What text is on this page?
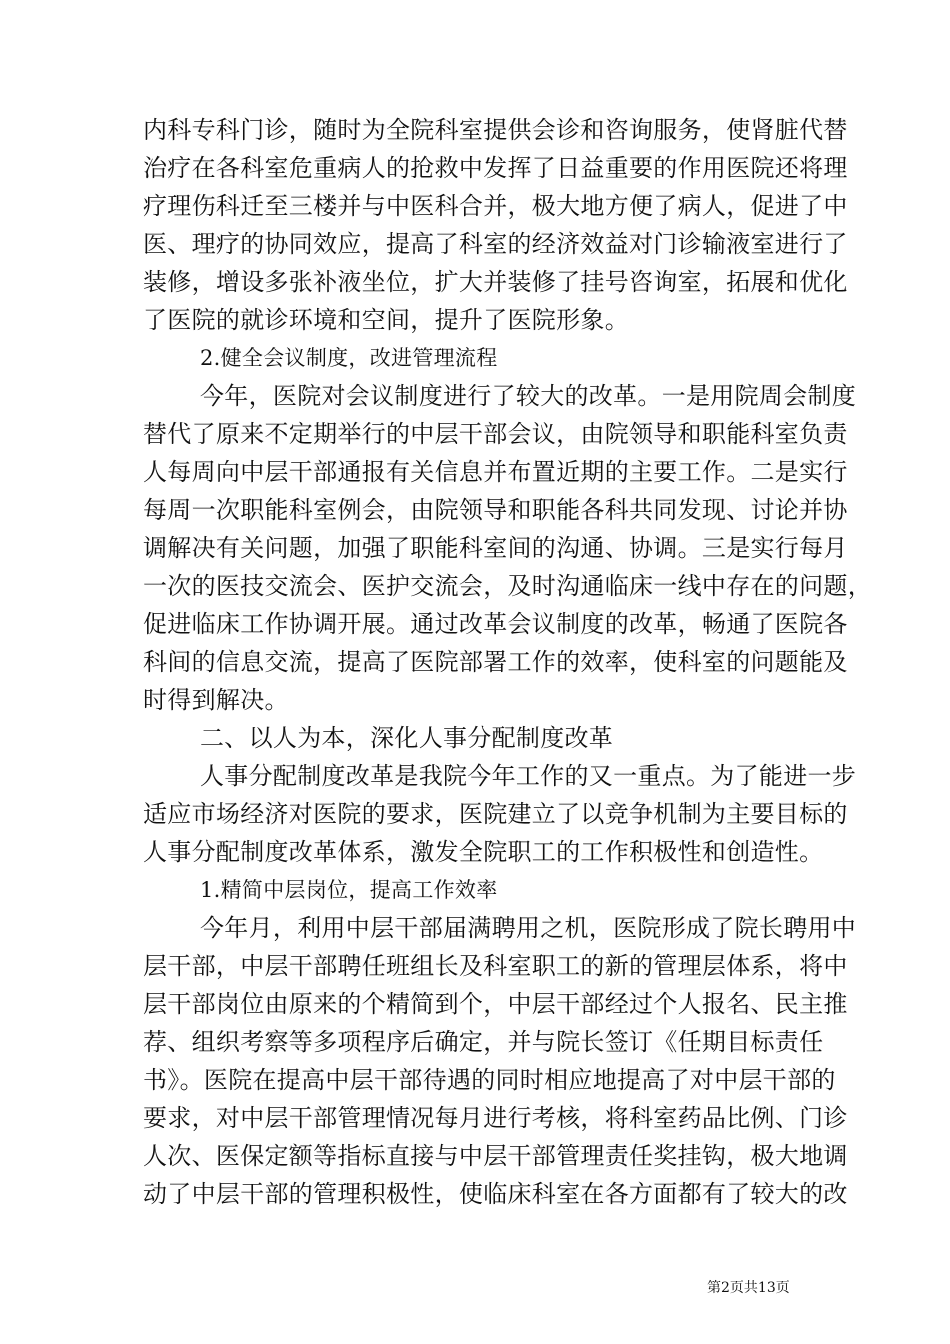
内科专科门诊，随时为全院科室提供会诊和咨询服务，使肾脏代替
治疗在各科室危重病人的抢救中发挥了日益重要的作用医院还将理
疗理伤科迁至三楼并与中医科合并，极大地方便了病人，促进了中
医、理疗的协同效应，提高了科室的经济效益对门诊输液室进行了
装修，增设多张补液坐位，扩大并装修了挂号咨询室，拓展和优化
了医院的就诊环境和空间，提升了医院形象。
2.健全会议制度，改进管理流程
今年，医院对会议制度进行了较大的改革。一是用院周会制度
替代了原来不定期举行的中层干部会议，由院领导和职能科室负责
人每周向中层干部通报有关信息并布置近期的主要工作。二是实行
每周一次职能科室例会，由院领导和职能各科共同发现、讨论并协
调解决有关问题，加强了职能科室间的沟通、协调。三是实行每月
一次的医技交流会、医护交流会，及时沟通临床一线中存在的问题，
促进临床工作协调开展。通过改革会议制度的改革，畅通了医院各
科间的信息交流，提高了医院部署工作的效率，使科室的问题能及
时得到解决。
二、以人为本，深化人事分配制度改革
人事分配制度改革是我院今年工作的又一重点。为了能进一步
适应市场经济对医院的要求，医院建立了以竞争机制为主要目标的
人事分配制度改革体系，激发全院职工的工作积极性和创造性。
1.精简中层岗位，提高工作效率
今年月，利用中层干部届满聘用之机，医院形成了院长聘用中
层干部，中层干部聘任班组长及科室职工的新的管理层体系，将中
层干部岗位由原来的个精简到个，中层干部经过个人报名、民主推
荐、组织考察等多项程序后确定，并与院长签订《任期目标责任
书》。医院在提高中层干部待遇的同时相应地提高了对中层干部的
要求，对中层干部管理情况每月进行考核，将科室药品比例、门诊
人次、医保定额等指标直接与中层干部管理责任奖挂钩，极大地调
动了中层干部的管理积极性，使临床科室在各方面都有了较大的改
第2页共13页
